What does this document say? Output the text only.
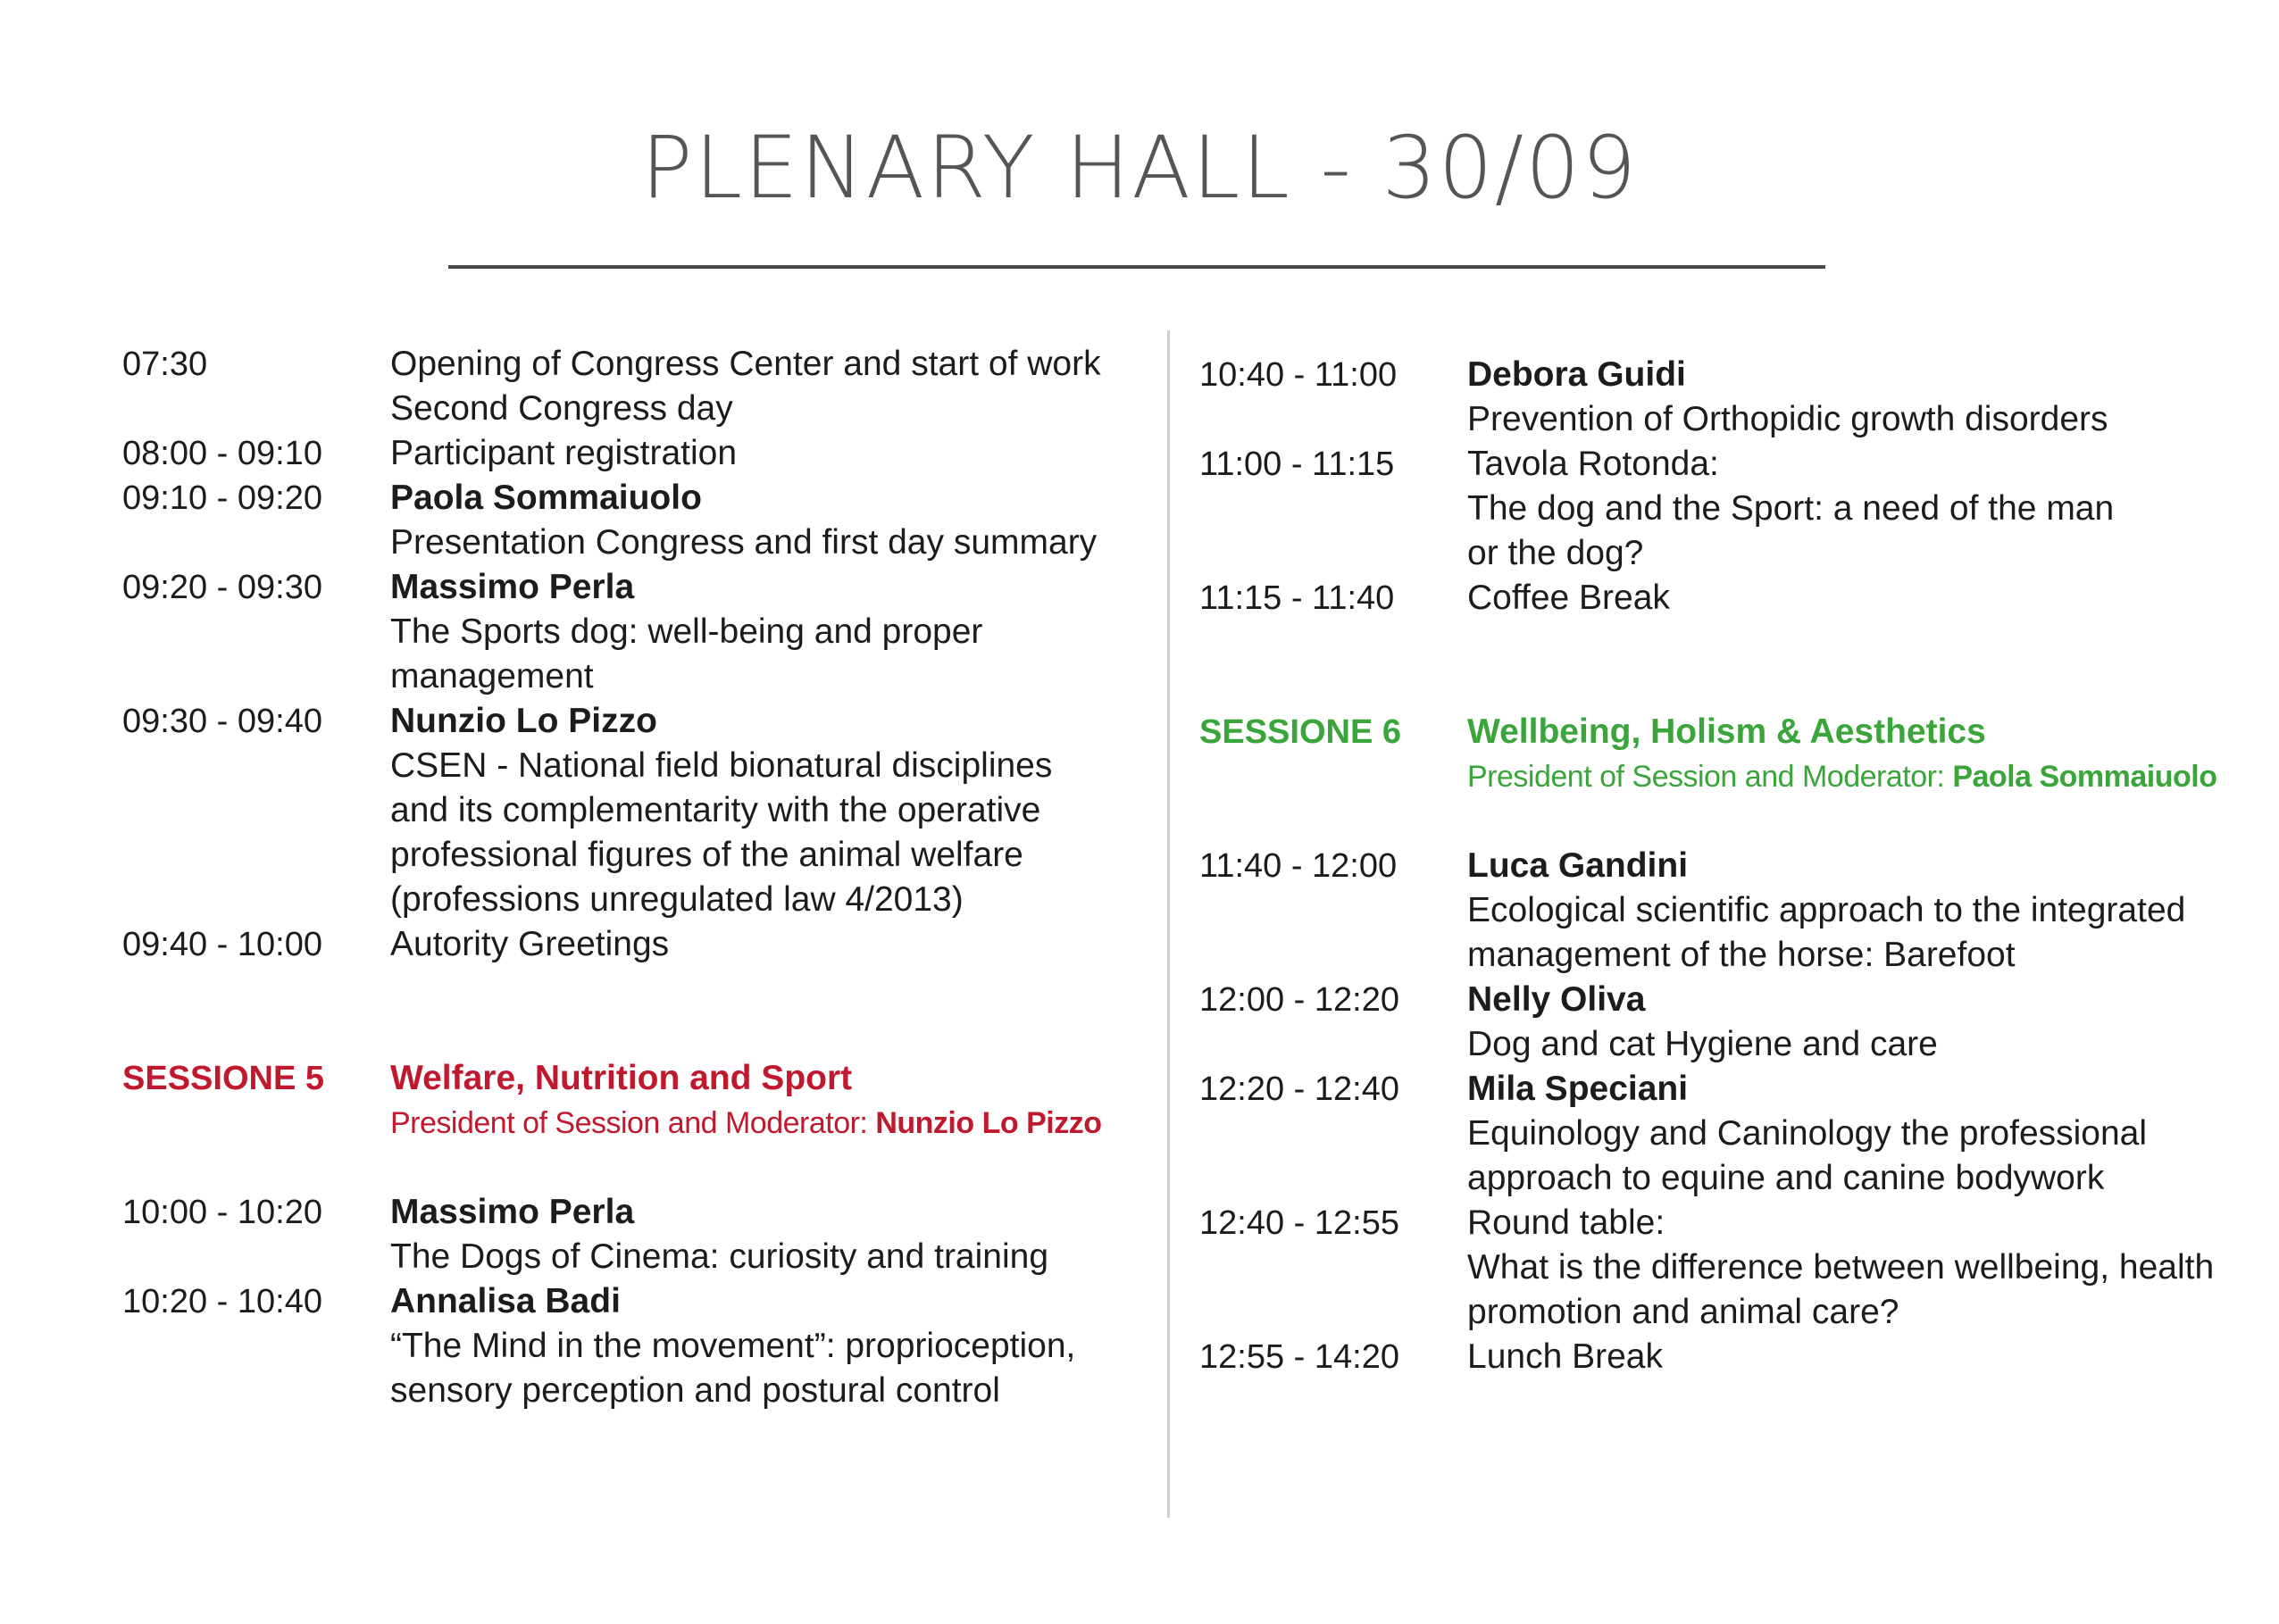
PLENARY HALL - 30/09
07:30	Opening of Congress Center and start of work
Second Congress day
08:00 - 09:10	Participant registration
09:10 - 09:20	Paola Sommaiuolo
Presentation Congress and first day summary
09:20 - 09:30	Massimo Perla
The Sports dog: well-being and proper
management
09:30 - 09:40	Nunzio Lo Pizzo
CSEN - National field bionatural disciplines
and its complementarity with the operative
professional figures of the animal welfare
(professions unregulated law 4/2013)
09:40 - 10:00	Autority Greetings
SESSIONE 5	Welfare, Nutrition and Sport
President of Session and Moderator: Nunzio Lo Pizzo
10:00 - 10:20	Massimo Perla
The Dogs of Cinema: curiosity and training
10:20 - 10:40	Annalisa Badi
“The Mind in the movement”: proprioception,
sensory perception and postural control
10:40 - 11:00	Debora Guidi
Prevention of Orthopidic growth disorders
11:00 - 11:15	Tavola Rotonda:
The dog and the Sport: a need of the man
or the dog?
11:15 - 11:40	Coffee Break
SESSIONE 6	Wellbeing, Holism & Aesthetics
President of Session and Moderator: Paola Sommaiuolo
11:40 - 12:00	Luca Gandini
Ecological scientific approach to the integrated
management of the horse: Barefoot
12:00 - 12:20	Nelly Oliva
Dog and cat Hygiene and care
12:20 - 12:40	Mila Speciani
Equinology and Caninology the professional
approach to equine and canine bodywork
12:40 - 12:55	Round table:
What is the difference between wellbeing, health
promotion and animal care?
12:55 - 14:20	Lunch Break
